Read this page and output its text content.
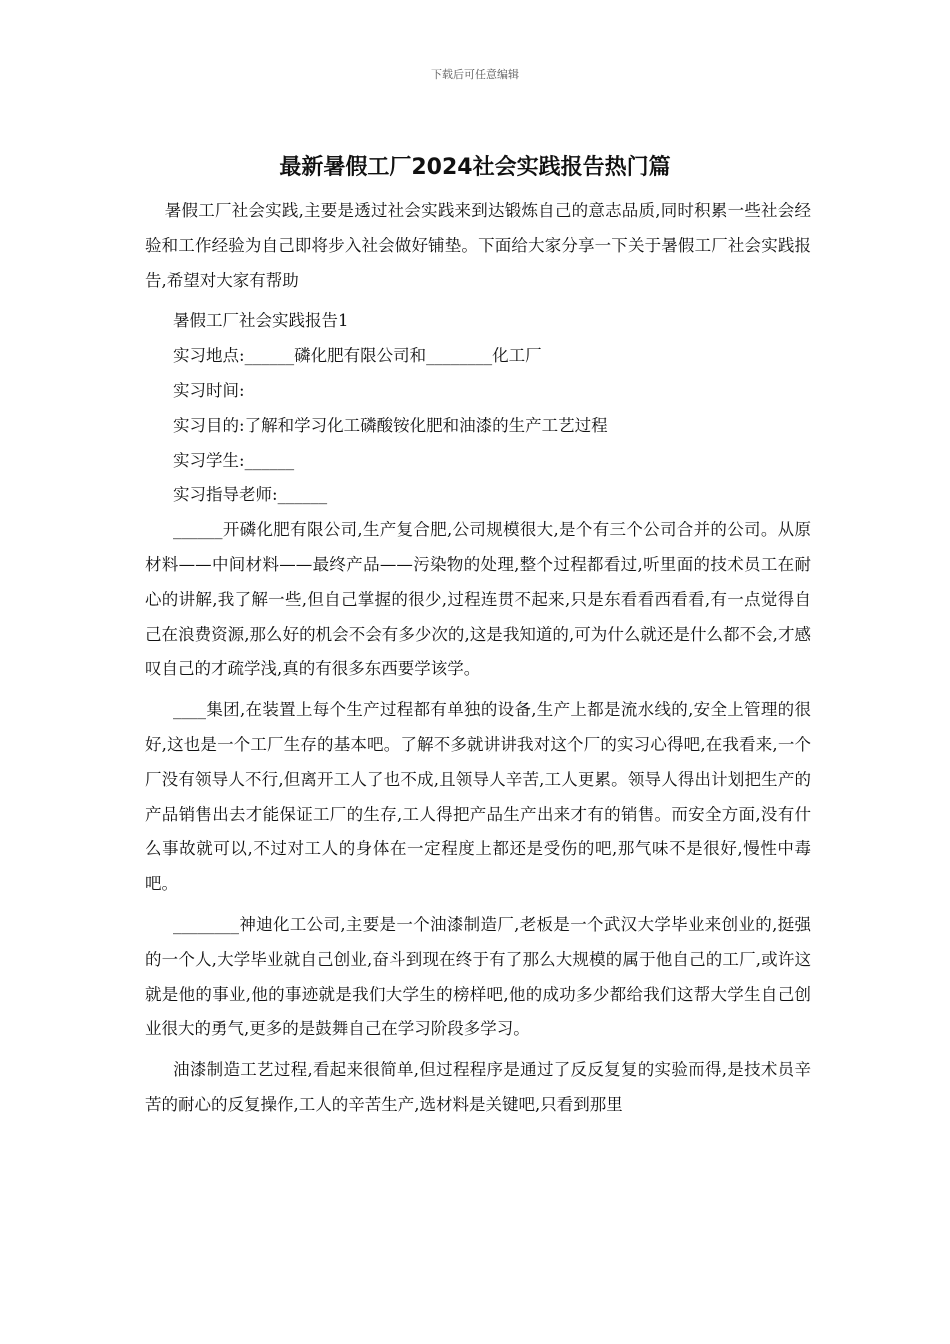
下载后可任意编辑
最新暑假工厂2024社会实践报告热门篇

暑假工厂社会实践,主要是透过社会实践来到达锻炼自己的意志品质,同时积累一些社会经验和工作经验为自己即将步入社会做好铺垫。下面给大家分享一下关于暑假工厂社会实践报告,希望对大家有帮助

暑假工厂社会实践报告1

实习地点:______磷化肥有限公司和________化工厂

实习时间:

实习目的:了解和学习化工磷酸铵化肥和油漆的生产工艺过程

实习学生:______

实习指导老师:______

______开磷化肥有限公司,生产复合肥,公司规模很大,是个有三个公司合并的公司。从原材料——中间材料——最终产品——污染物的处理,整个过程都看过,听里面的技术员工在耐心的讲解,我了解一些,但自己掌握的很少,过程连贯不起来,只是东看看西看看,有一点觉得自己在浪费资源,那么好的机会不会有多少次的,这是我知道的,可为什么就还是什么都不会,才感叹自己的才疏学浅,真的有很多东西要学该学。

____集团,在装置上每个生产过程都有单独的设备,生产上都是流水线的,安全上管理的很好,这也是一个工厂生存的基本吧。了解不多就讲讲我对这个厂的实习心得吧,在我看来,一个厂没有领导人不行,但离开工人了也不成,且领导人辛苦,工人更累。领导人得出计划把生产的产品销售出去才能保证工厂的生存,工人得把产品生产出来才有的销售。而安全方面,没有什么事故就可以,不过对工人的身体在一定程度上都还是受伤的吧,那气味不是很好,慢性中毒吧。

________神迪化工公司,主要是一个油漆制造厂,老板是一个武汉大学毕业来创业的,挺强的一个人,大学毕业就自己创业,奋斗到现在终于有了那么大规模的属于他自己的工厂,或许这就是他的事业,他的事迹就是我们大学生的榜样吧,他的成功多少都给我们这帮大学生自己创业很大的勇气,更多的是鼓舞自己在学习阶段多学习。

油漆制造工艺过程,看起来很简单,但过程程序是通过了反反复复的实验而得,是技术员辛苦的耐心的反复操作,工人的辛苦生产,选材料是关键吧,只看到那里
